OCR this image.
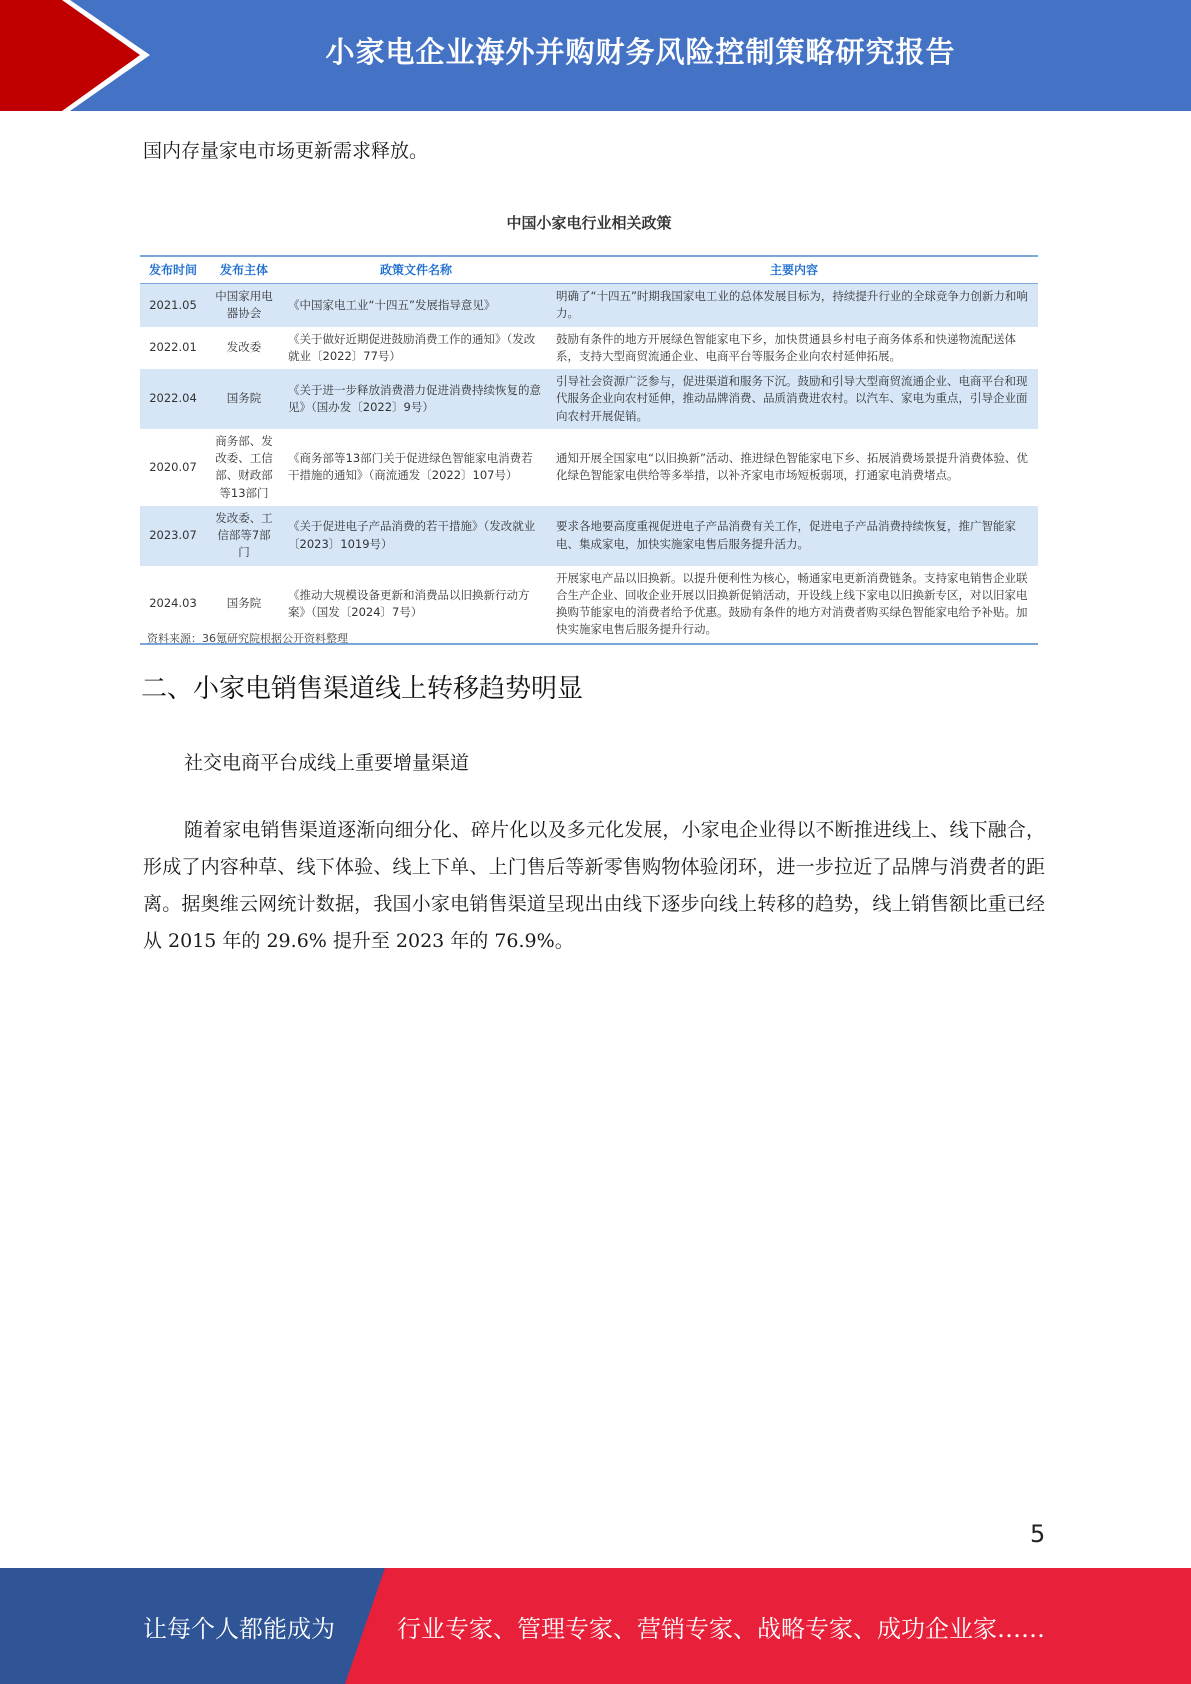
小家电企业海外并购财务风险控制策略研究报告
国内存量家电市场更新需求释放。
中国小家电行业相关政策
发布时间	发布主体	政策文件名称	主要内容
2021.05	中国家用电器协会	《中国家电工业“十四五”发展指导意见》	明确了“十四五”时期我国家电工业的总体发展目标为，持续提升行业的全球竞争力创新力和响力。
2022.01	发改委	《关于做好近期促进鼓励消费工作的通知》（发改就业〔2022〕77号）	鼓励有条件的地方开展绿色智能家电下乡，加快贯通县乡村电子商务体系和快递物流配送体系，支持大型商贸流通企业、电商平台等服务企业向农村延伸拓展。
2022.04	国务院	《关于进一步释放消费潜力促进消费持续恢复的意见》（国办发〔2022〕9号）	引导社会资源广泛参与，促进渠道和服务下沉。鼓励和引导大型商贸流通企业、电商平台和现代服务企业向农村延伸，推动品牌消费、品质消费进农村。以汽车、家电为重点，引导企业面向农村开展促销。
2020.07	商务部、发改委、工信部、财政部等13部门	《商务部等13部门关于促进绿色智能家电消费若干措施的通知》（商流通发〔2022〕107号）	通知开展全国家电“以旧换新”活动、推进绿色智能家电下乡、拓展消费场景提升消费体验、优化绿色智能家电供给等多举措，以补齐家电市场短板弱项，打通家电消费堵点。
2023.07	发改委、工信部等7部门	《关于促进电子产品消费的若干措施》（发改就业〔2023〕1019号）	要求各地要高度重视促进电子产品消费有关工作，促进电子产品消费持续恢复，推广智能家电、集成家电，加快实施家电售后服务提升活力。
2024.03	国务院	《推动大规模设备更新和消费品以旧换新行动方案》（国发〔2024〕7号）	开展家电产品以旧换新。以提升便利性为核心，畅通家电更新消费链条。支持家电销售企业联合生产企业、回收企业开展以旧换新促销活动，开设线上线下家电以旧换新专区，对以旧家电换购节能家电的消费者给予优惠。鼓励有条件的地方对消费者购买绿色智能家电给予补贴。加快实施家电售后服务提升行动。
资料来源：36氪研究院根据公开资料整理
二、小家电销售渠道线上转移趋势明显
社交电商平台成线上重要增量渠道

随着家电销售渠道逐渐向细分化、碎片化以及多元化发展，小家电企业得以不断推进线上、线下融合，形成了内容种草、线下体验、线上下单、上门售后等新零售购物体验闭环，进一步拉近了品牌与消费者的距离。据奥维云网统计数据，我国小家电销售渠道呈现出由线下逐步向线上转移的趋势，线上销售额比重已经从 2015 年的 29.6% 提升至 2023 年的 76.9%。

5
让每个人都能成为	行业专家、管理专家、营销专家、战略专家、成功企业家……
